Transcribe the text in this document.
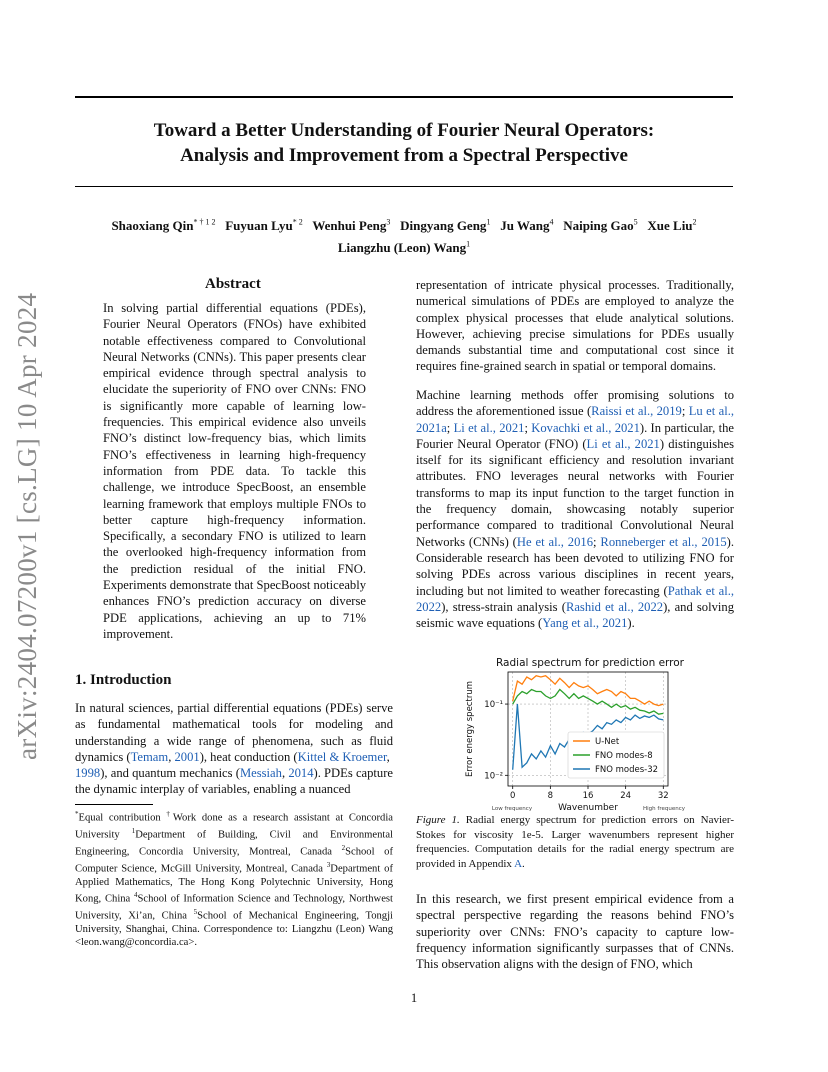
arXiv:2404.07200v1 [cs.LG] 10 Apr 2024
Toward a Better Understanding of Fourier Neural Operators:
Analysis and Improvement from a Spectral Perspective
Shaoxiang Qin$^{* \dagger 1 2}$ Fuyuan Lyu$^{* 2}$ Wenhui Peng$^3$ Dingyang Geng$^1$ Ju Wang$^4$ Naiping Gao$^5$ Xue Liu$^2$
Liangzhu (Leon) Wang$^1$
Abstract
In solving partial differential equations (PDEs), Fourier Neural Operators (FNOs) have exhibited notable effectiveness compared to Convolutional Neural Networks (CNNs). This paper presents clear empirical evidence through spectral analysis to elucidate the superiority of FNO over CNNs: FNO is significantly more capable of learning low-frequencies. This empirical evidence also unveils FNO’s distinct low-frequency bias, which limits FNO’s effectiveness in learning high-frequency information from PDE data. To tackle this challenge, we introduce SpecBoost, an ensemble learning framework that employs multiple FNOs to better capture high-frequency information. Specifically, a secondary FNO is utilized to learn the overlooked high-frequency information from the prediction residual of the initial FNO. Experiments demonstrate that SpecBoost noticeably enhances FNO’s prediction accuracy on diverse PDE applications, achieving an up to 71% improvement.
1. Introduction
In natural sciences, partial differential equations (PDEs) serve as fundamental mathematical tools for modeling and understanding a wide range of phenomena, such as fluid dynamics (Temam, 2001), heat conduction (Kittel & Kroemer,
1998), and quantum mechanics (Messiah, 2014). PDEs capture the dynamic interplay of variables, enabling a nuanced
*Equal contribution †Work done as a research assistant at Concordia University $^1$Department of Building, Civil and Environmental Engineering, Concordia University, Montreal, Canada $^2$School of Computer Science, McGill University, Montreal, Canada $^3$Department of Applied Mathematics, The Hong Kong Polytechnic University, Hong Kong, China $^4$School of Information Science and Technology, Northwest University, Xi’an, China $^5$School of Mechanical Engineering, Tongji University, Shanghai, China. Correspondence to: Liangzhu (Leon) Wang <leon.wang@concordia.ca>.
representation of intricate physical processes. Traditionally, numerical simulations of PDEs are employed to analyze the complex physical processes that elude analytical solutions. However, achieving precise simulations for PDEs usually demands substantial time and computational cost since it requires fine-grained search in spatial or temporal domains.
Machine learning methods offer promising solutions to address the aforementioned issue (Raissi et al., 2019; Lu et al., 2021a; Li et al., 2021; Kovachki et al., 2021). In particular, the Fourier Neural Operator (FNO) (Li et al., 2021) distinguishes itself for its significant efficiency and resolution invariant attributes. FNO leverages neural networks with Fourier transforms to map its input function to the target function in the frequency domain, showcasing notably superior performance compared to traditional Convolutional Neural Networks (CNNs) (He et al., 2016; Ronneberger et al., 2015). Considerable research has been devoted to utilizing FNO for solving PDEs across various disciplines in recent years, including but not limited to weather forecasting (Pathak et al., 2022), stress-strain analysis (Rashid et al., 2022), and solving seismic wave equations (Yang et al., 2021).
Radial spectrum for prediction error
0	8	16	24	32
10⁻¹
10⁻²
Wavenumber
Error energy spectrum
Low frequency	High frequency
U-Net
FNO modes-8
FNO modes-32
Figure 1. Radial energy spectrum for prediction errors on Navier-Stokes for viscosity 1e-5. Larger wavenumbers represent higher frequencies. Computation details for the radial energy spectrum are provided in Appendix A.
In this research, we first present empirical evidence from a spectral perspective regarding the reasons behind FNO’s superiority over CNNs: FNO’s capacity to capture low-frequency information significantly surpasses that of CNNs. This observation aligns with the design of FNO, which
1
